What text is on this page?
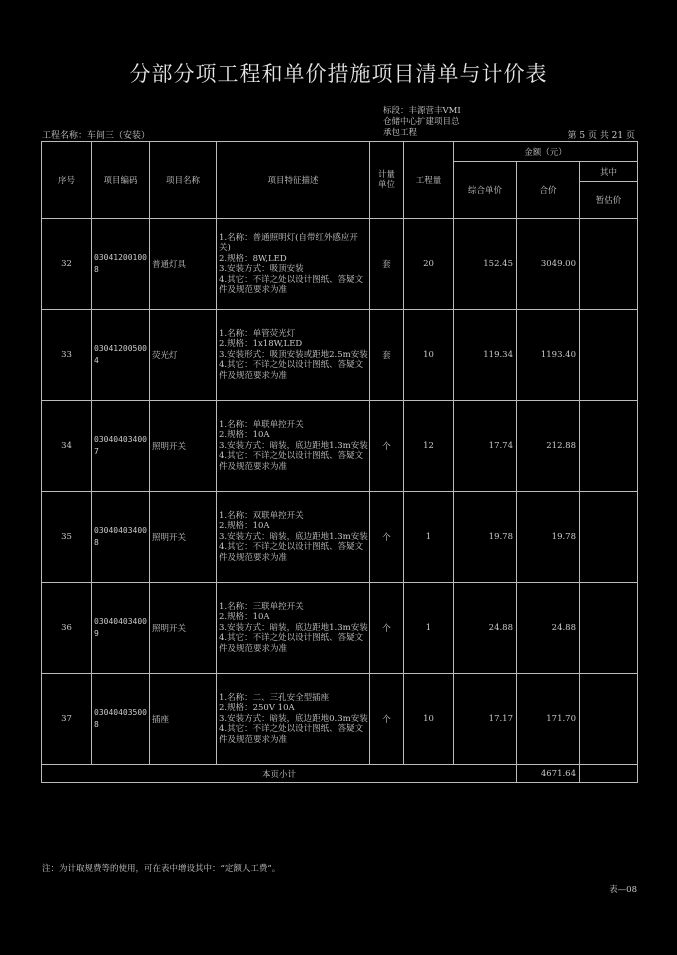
分部分项工程和单价措施项目清单与计价表
标段：丰源营丰VMI
仓储中心扩建项目总
承包工程
工程名称：车间三（安装）	第 5 页 共 21 页
序号	项目编码	项目名称	项目特征描述	计量单位	工程量	金额（元）		
						综合单价	合价	其中
								暂估价
32	030412001008	普通灯具	1.名称：普通照明灯(自带红外感应开关)
2.规格：8W,LED
3.安装方式：吸顶安装
4.其它：不详之处以设计图纸、答疑文件及规范要求为准	套	20	152.45	3049.00	
33	030412005004	荧光灯	1.名称：单管荧光灯
2.规格：1x18W,LED
3.安装形式：吸顶安装或距地2.5m安装
4.其它：不详之处以设计图纸、答疑文件及规范要求为准	套	10	119.34	1193.40	
34	030404034007	照明开关	1.名称：单联单控开关
2.规格：10A
3.安装方式：暗装，底边距地1.3m安装
4.其它：不详之处以设计图纸、答疑文件及规范要求为准	个	12	17.74	212.88	
35	030404034008	照明开关	1.名称：双联单控开关
2.规格：10A
3.安装方式：暗装，底边距地1.3m安装
4.其它：不详之处以设计图纸、答疑文件及规范要求为准	个	1	19.78	19.78	
36	030404034009	照明开关	1.名称：三联单控开关
2.规格：10A
3.安装方式：暗装，底边距地1.3m安装
4.其它：不详之处以设计图纸、答疑文件及规范要求为准	个	1	24.88	24.88	
37	030404035008	插座	1.名称：二、三孔安全型插座
2.规格：250V 10A
3.安装方式：暗装，底边距地0.3m安装
4.其它：不详之处以设计图纸、答疑文件及规范要求为准	个	10	17.17	171.70	
本页小计							4671.64	
注：为计取规费等的使用，可在表中增设其中：“定额人工费”。
表—08
